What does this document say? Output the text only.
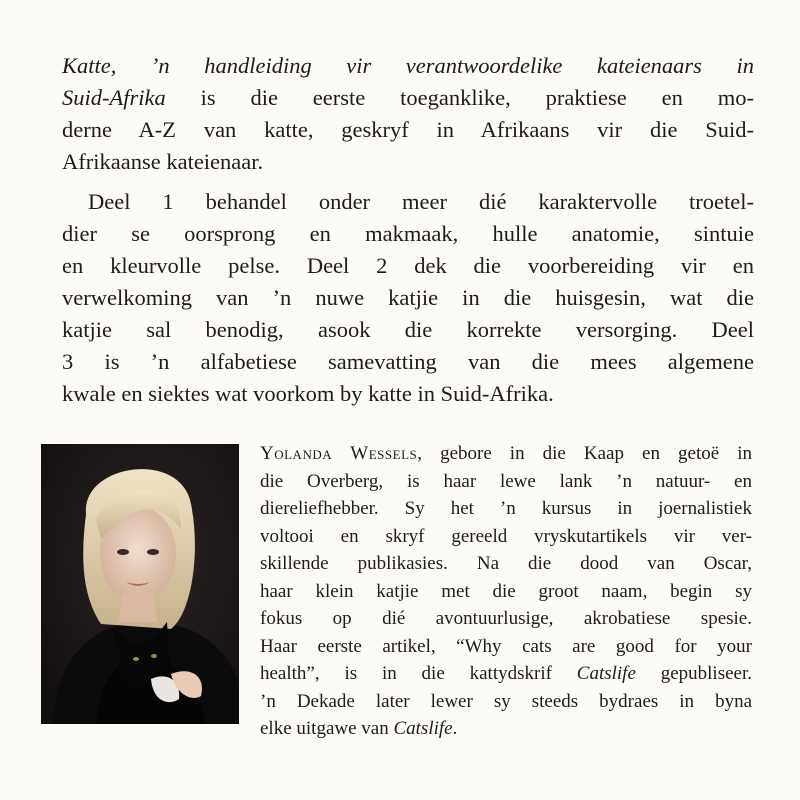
Katte, ’n handleiding vir verantwoordelike kateienaars in
Suid-Afrika is die eerste toeganklike, praktiese en mo-
derne A-Z van katte, geskryf in Afrikaans vir die Suid-
Afrikaanse kateienaar.

Deel 1 behandel onder meer dié karaktervolle troetel-
dier se oorsprong en makmaak, hulle anatomie, sintuie
en kleurvolle pelse. Deel 2 dek die voorbereiding vir en
verwelkoming van ’n nuwe katjie in die huisgesin, wat die
katjie sal benodig, asook die korrekte versorging. Deel
3 is ’n alfabetiese samevatting van die mees algemene
kwale en siektes wat voorkom by katte in Suid-Afrika.

Yolanda Wessels, gebore in die Kaap en getoë in
die Overberg, is haar lewe lank ’n natuur- en
diereliefhebber. Sy het ’n kursus in joernalistiek
voltooi en skryf gereeld vryskutartikels vir ver-
skillende publikasies. Na die dood van Oscar,
haar klein katjie met die groot naam, begin sy
fokus op dié avontuurlusige, akrobatiese spesie.
Haar eerste artikel, “Why cats are good for your
health”, is in die kattydskrif Catslife gepubliseer.
’n Dekade later lewer sy steeds bydraes in byna
elke uitgawe van Catslife.
